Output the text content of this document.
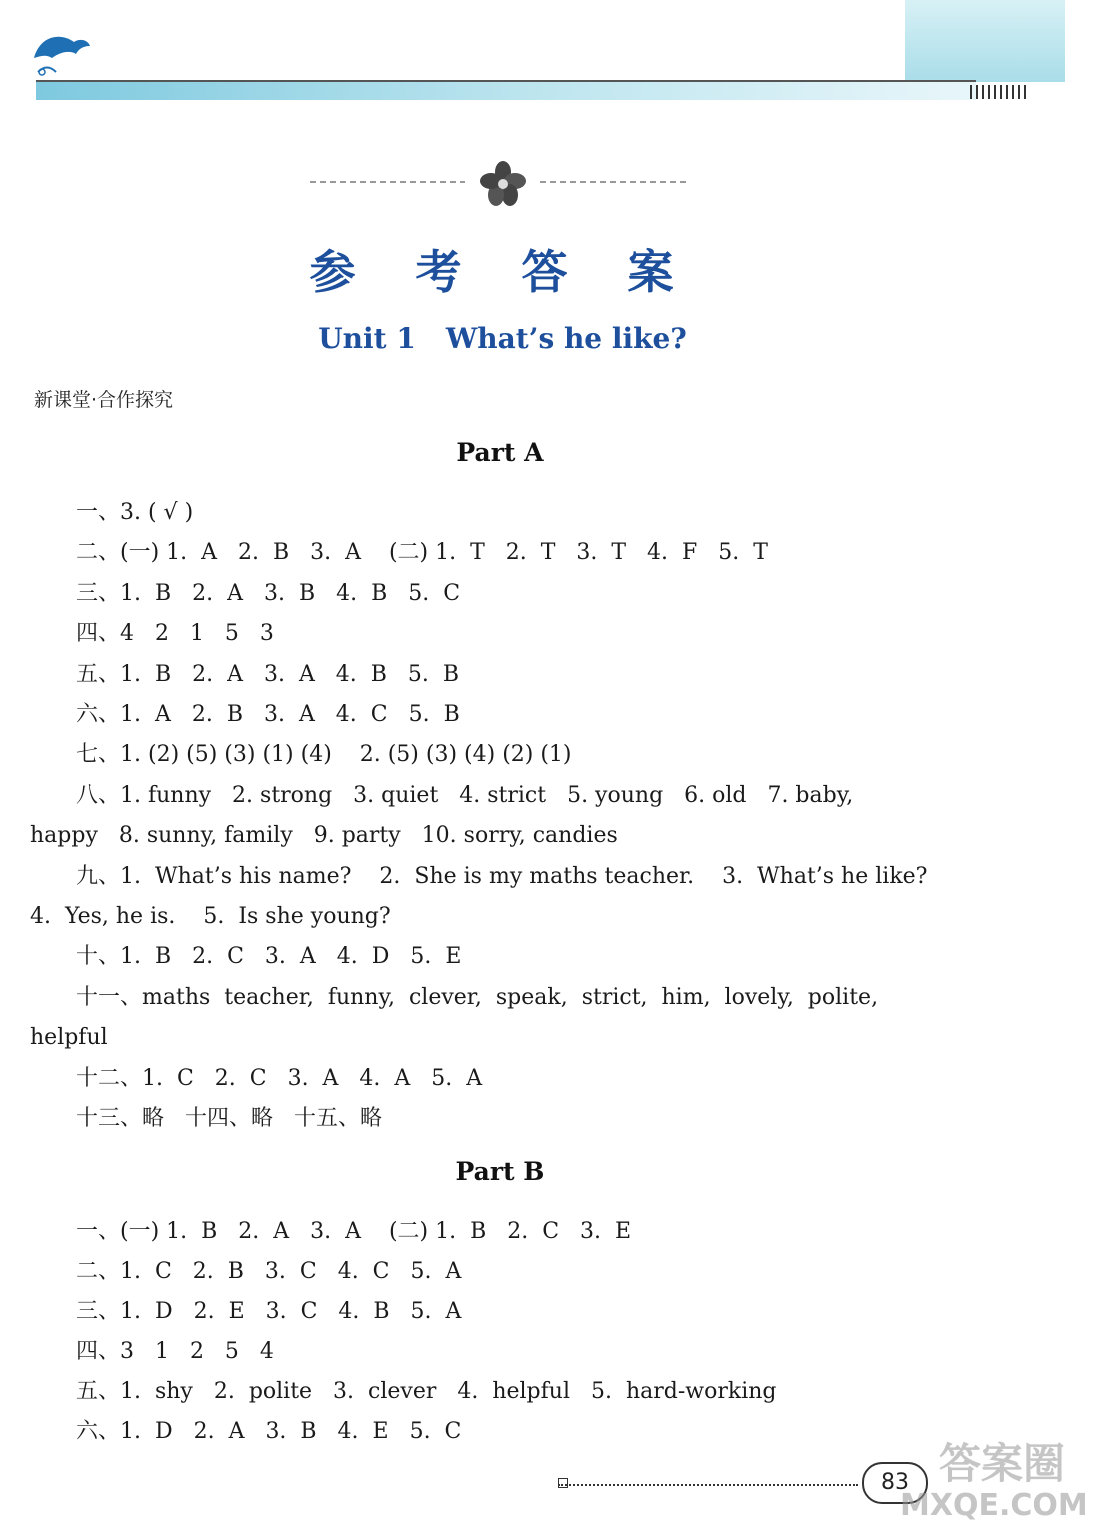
参 考 答 案
Unit 1 What’s he like?
新课堂·合作探究
Part A
一、3. ( √ )
二、(一) 1.  A   2.  B   3.  A    (二) 1.  T   2.  T   3.  T   4.  F   5.  T
三、1.  B   2.  A   3.  B   4.  B   5.  C
四、4   2   1   5   3
五、1.  B   2.  A   3.  A   4.  B   5.  B
六、1.  A   2.  B   3.  A   4.  C   5.  B
七、1. (2) (5) (3) (1) (4)    2. (5) (3) (4) (2) (1)
八、1. funny   2. strong   3. quiet   4. strict   5. young   6. old   7. baby,
happy   8. sunny, family   9. party   10. sorry, candies
九、1.  What’s his name?    2.  She is my maths teacher.    3.  What’s he like?
4.  Yes, he is.    5.  Is she young?
十、1.  B   2.  C   3.  A   4.  D   5.  E
十一、maths  teacher,  funny,  clever,  speak,  strict,  him,  lovely,  polite,
helpful
十二、1.  C   2.  C   3.  A   4.  A   5.  A
十三、略   十四、略   十五、略
Part B
一、(一) 1.  B   2.  A   3.  A    (二) 1.  B   2.  C   3.  E
二、1.  C   2.  B   3.  C   4.  C   5.  A
三、1.  D   2.  E   3.  C   4.  B   5.  A
四、3   1   2   5   4
五、1.  shy   2.  polite   3.  clever   4.  helpful   5.  hard-working
六、1.  D   2.  A   3.  B   4.  E   5.  C
83 答案圈
MXQE.COM
